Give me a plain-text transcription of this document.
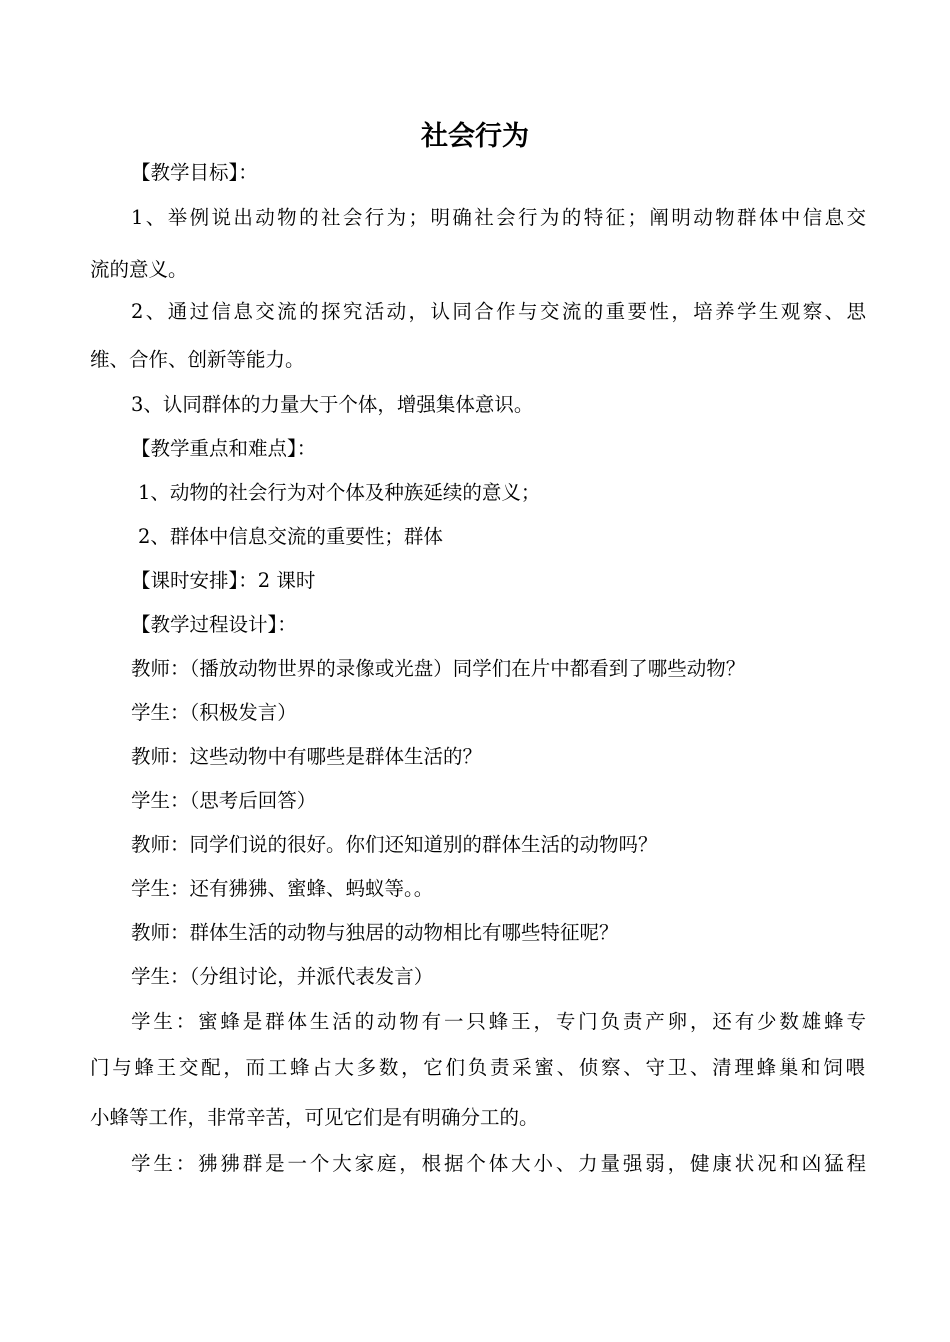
社会行为

【教学目标】：

1、举例说出动物的社会行为；明确社会行为的特征；阐明动物群体中信息交

流的意义。

2、通过信息交流的探究活动，认同合作与交流的重要性，培养学生观察、思

维、合作、创新等能力。

3、认同群体的力量大于个体，增强集体意识。

【教学重点和难点】：

1、动物的社会行为对个体及种族延续的意义；

2、群体中信息交流的重要性；群体

【课时安排】：2 课时

【教学过程设计】：

教师：（播放动物世界的录像或光盘）同学们在片中都看到了哪些动物？

学生：（积极发言）

教师：这些动物中有哪些是群体生活的？

学生：（思考后回答）

教师：同学们说的很好。你们还知道别的群体生活的动物吗？

学生：还有狒狒、蜜蜂、蚂蚁等。。

教师：群体生活的动物与独居的动物相比有哪些特征呢？

学生：（分组讨论，并派代表发言）

学生：蜜蜂是群体生活的动物有一只蜂王，专门负责产卵，还有少数雄蜂专

门与蜂王交配，而工蜂占大多数，它们负责采蜜、侦察、守卫、清理蜂巢和饲喂

小蜂等工作，非常辛苦，可见它们是有明确分工的。

学生：狒狒群是一个大家庭，根据个体大小、力量强弱，健康状况和凶猛程
